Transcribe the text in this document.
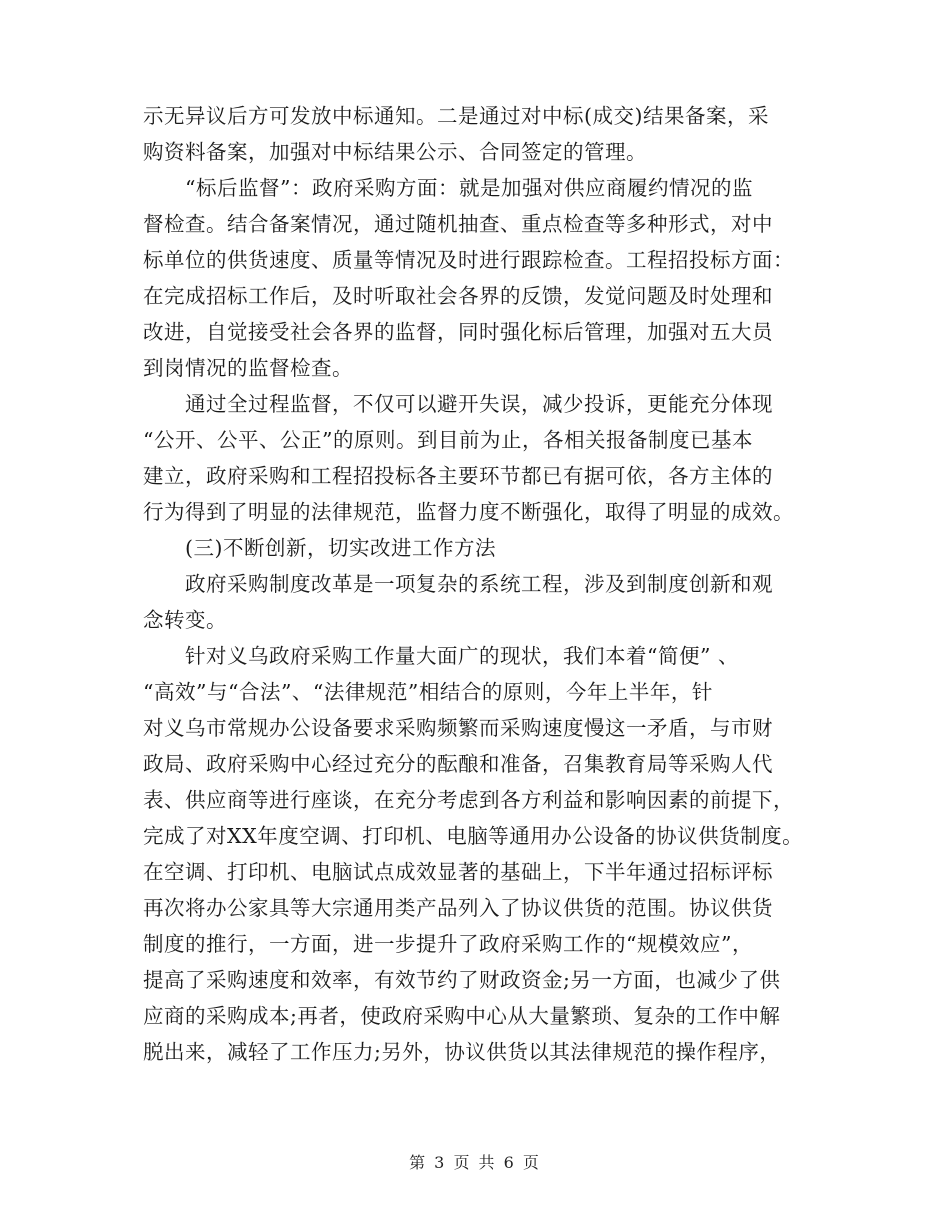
示无异议后方可发放中标通知。二是通过对中标(成交)结果备案，采
购资料备案，加强对中标结果公示、合同签定的管理。
“标后监督”：政府采购方面：就是加强对供应商履约情况的监
督检查。结合备案情况，通过随机抽查、重点检查等多种形式，对中
标单位的供货速度、质量等情况及时进行跟踪检查。工程招投标方面：
在完成招标工作后，及时听取社会各界的反馈，发觉问题及时处理和
改进，自觉接受社会各界的监督，同时强化标后管理，加强对五大员
到岗情况的监督检查。
通过全过程监督，不仅可以避开失误，减少投诉，更能充分体现
“公开、公平、公正”的原则。到目前为止，各相关报备制度已基本
建立，政府采购和工程招投标各主要环节都已有据可依，各方主体的
行为得到了明显的法律规范，监督力度不断强化，取得了明显的成效。
(三)不断创新，切实改进工作方法
政府采购制度改革是一项复杂的系统工程，涉及到制度创新和观
念转变。
针对义乌政府采购工作量大面广的现状，我们本着“简便” 、
“高效”与“合法”、“法律规范”相结合的原则，今年上半年，针
对义乌市常规办公设备要求采购频繁而采购速度慢这一矛盾，与市财
政局、政府采购中心经过充分的酝酿和准备，召集教育局等采购人代
表、供应商等进行座谈，在充分考虑到各方利益和影响因素的前提下，
完成了对XX年度空调、打印机、电脑等通用办公设备的协议供货制度。
在空调、打印机、电脑试点成效显著的基础上，下半年通过招标评标
再次将办公家具等大宗通用类产品列入了协议供货的范围。协议供货
制度的推行，一方面，进一步提升了政府采购工作的“规模效应”，
提高了采购速度和效率，有效节约了财政资金;另一方面，也减少了供
应商的采购成本;再者，使政府采购中心从大量繁琐、复杂的工作中解
脱出来，减轻了工作压力;另外，协议供货以其法律规范的操作程序，
第 3 页 共 6 页
